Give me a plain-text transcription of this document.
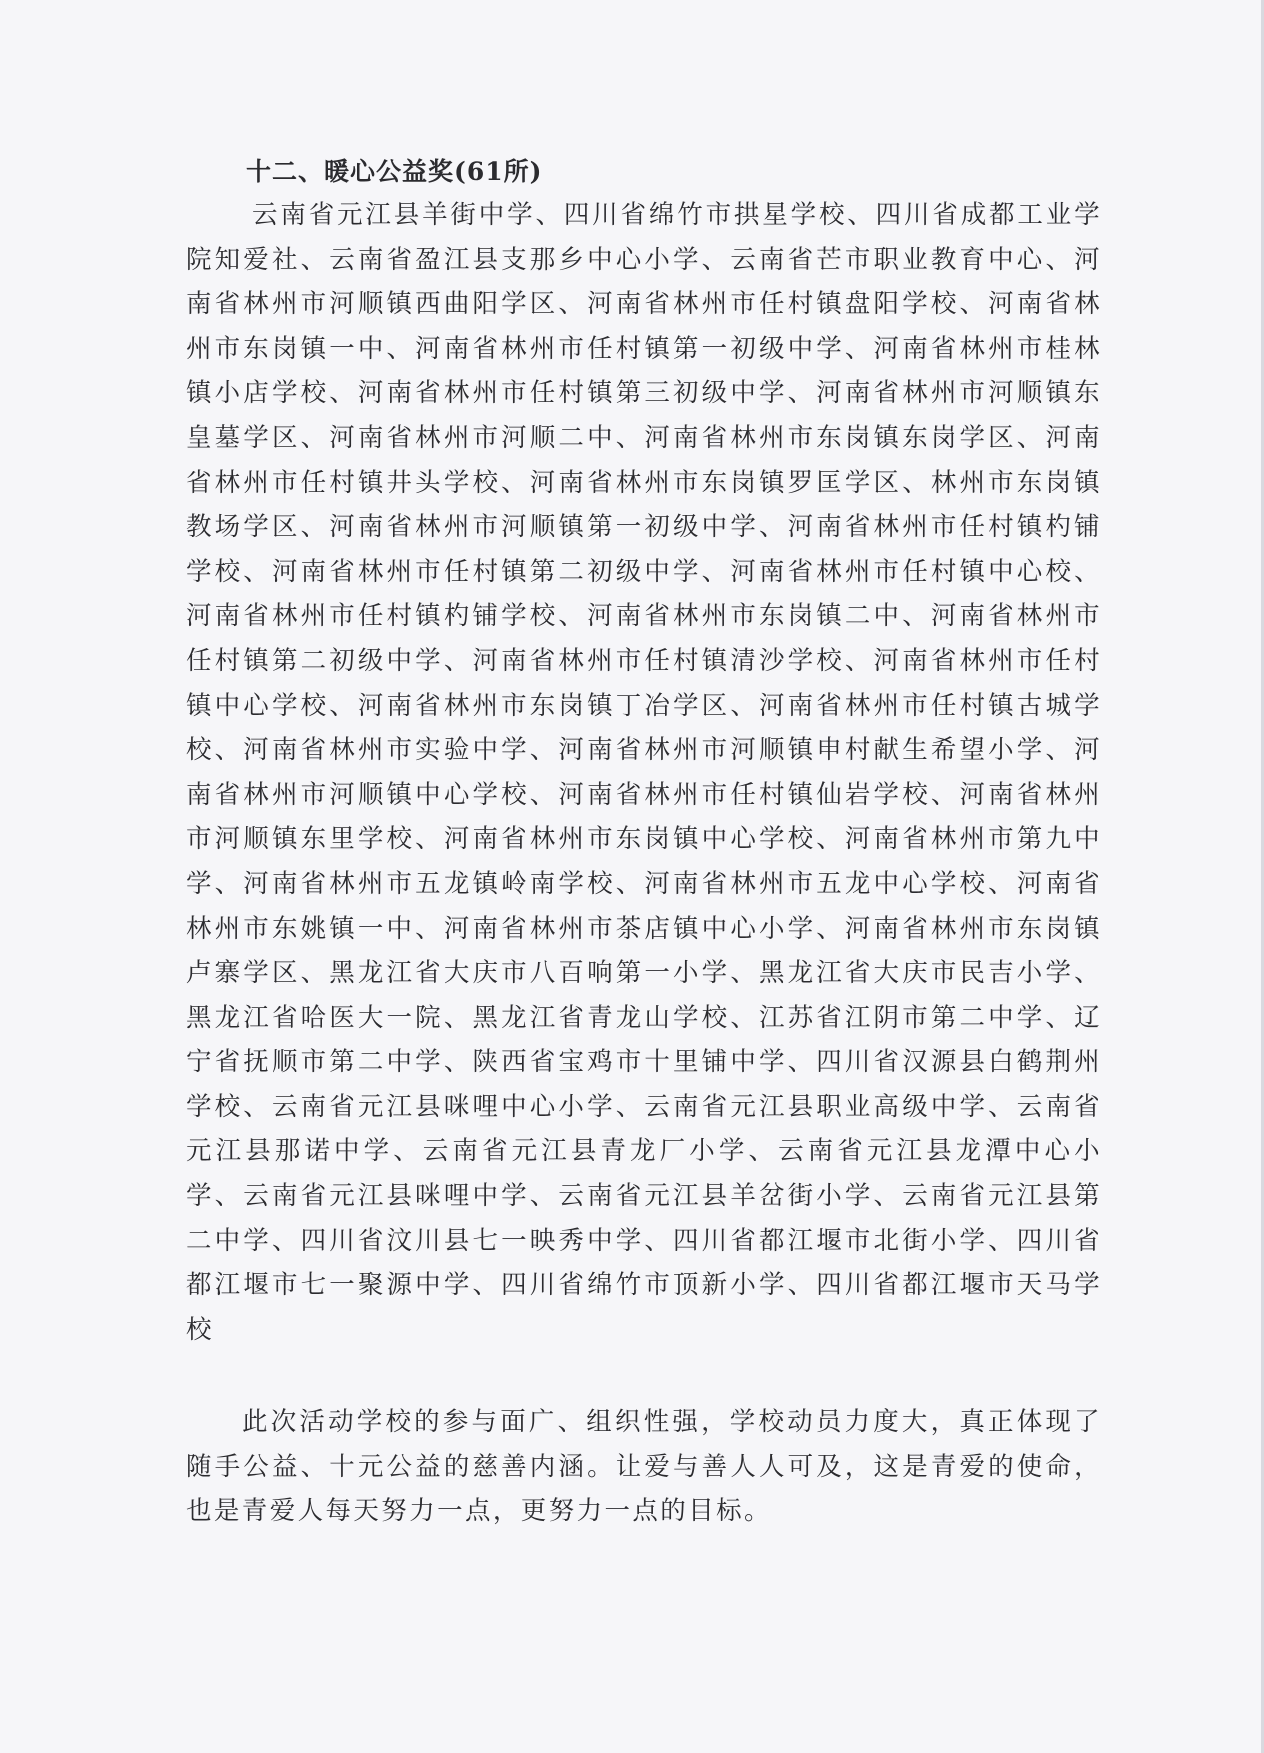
十二、暖心公益奖(61所)

云南省元江县羊街中学、四川省绵竹市拱星学校、四川省成都工业学院知爱社、云南省盈江县支那乡中心小学、云南省芒市职业教育中心、河南省林州市河顺镇西曲阳学区、河南省林州市任村镇盘阳学校、河南省林州市东岗镇一中、河南省林州市任村镇第一初级中学、河南省林州市桂林镇小店学校、河南省林州市任村镇第三初级中学、河南省林州市河顺镇东皇墓学区、河南省林州市河顺二中、河南省林州市东岗镇东岗学区、河南省林州市任村镇井头学校、河南省林州市东岗镇罗匡学区、林州市东岗镇教场学区、河南省林州市河顺镇第一初级中学、河南省林州市任村镇杓铺学校、河南省林州市任村镇第二初级中学、河南省林州市任村镇中心校、河南省林州市任村镇杓铺学校、河南省林州市东岗镇二中、河南省林州市任村镇第二初级中学、河南省林州市任村镇清沙学校、河南省林州市任村镇中心学校、河南省林州市东岗镇丁冶学区、河南省林州市任村镇古城学校、河南省林州市实验中学、河南省林州市河顺镇申村献生希望小学、河南省林州市河顺镇中心学校、河南省林州市任村镇仙岩学校、河南省林州市河顺镇东里学校、河南省林州市东岗镇中心学校、河南省林州市第九中学、河南省林州市五龙镇岭南学校、河南省林州市五龙中心学校、河南省林州市东姚镇一中、河南省林州市茶店镇中心小学、河南省林州市东岗镇卢寨学区、黑龙江省大庆市八百响第一小学、黑龙江省大庆市民吉小学、黑龙江省哈医大一院、黑龙江省青龙山学校、江苏省江阴市第二中学、辽宁省抚顺市第二中学、陕西省宝鸡市十里铺中学、四川省汉源县白鹤荆州学校、云南省元江县咪哩中心小学、云南省元江县职业高级中学、云南省元江县那诺中学、云南省元江县青龙厂小学、云南省元江县龙潭中心小学、云南省元江县咪哩中学、云南省元江县羊岔街小学、云南省元江县第二中学、四川省汶川县七一映秀中学、四川省都江堰市北街小学、四川省都江堰市七一聚源中学、四川省绵竹市顶新小学、四川省都江堰市天马学校

此次活动学校的参与面广、组织性强，学校动员力度大，真正体现了随手公益、十元公益的慈善内涵。让爱与善人人可及，这是青爱的使命，也是青爱人每天努力一点，更努力一点的目标。
